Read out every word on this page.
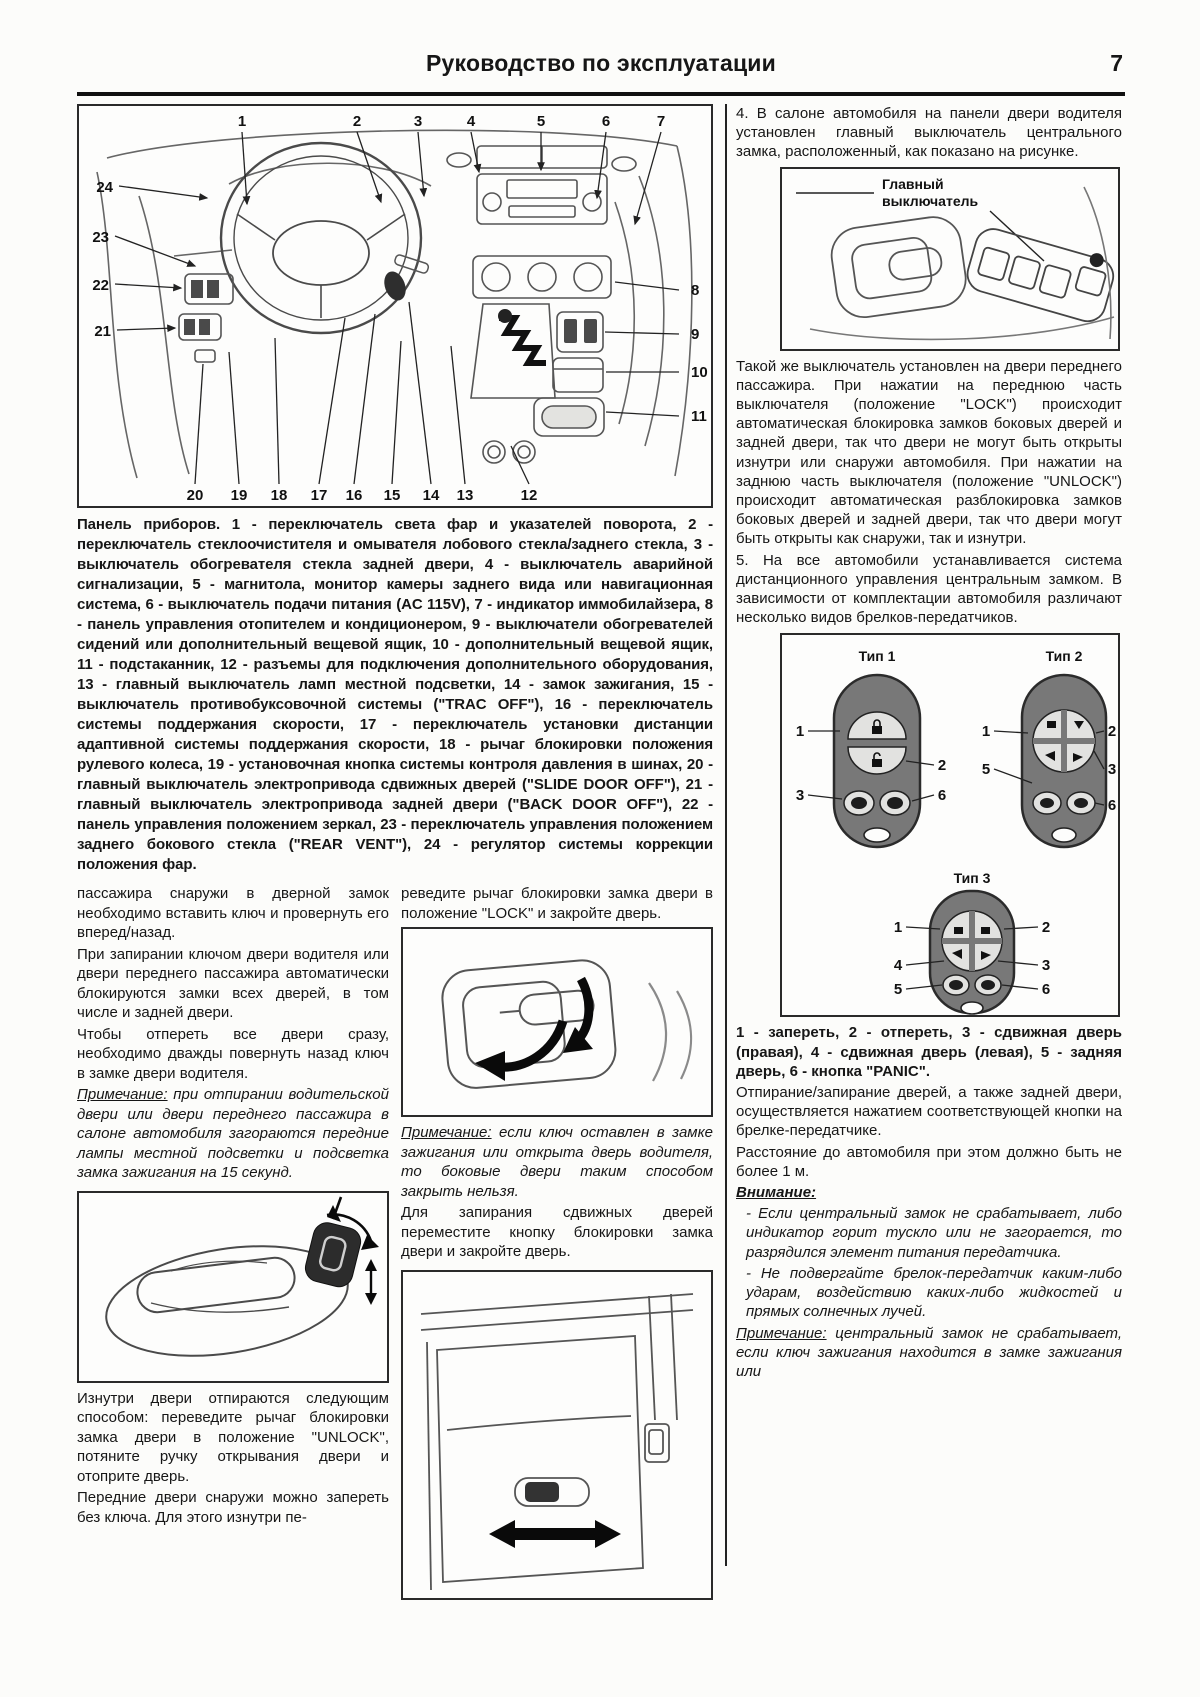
Руководство по эксплуатации	7
1	2	3	4	5	6	7
8
9
10
11
20 19 18 17 16 15 14 13	12
24
23
22
21

Панель приборов. 1 - переключатель света фар и указателей поворота, 2 - переключатель стеклоочистителя и омывателя лобового стекла/заднего стекла, 3 - выключатель обогревателя стекла задней двери, 4 - выключатель аварийной сигнализации, 5 - магнитола, монитор камеры заднего вида или навигационная система, 6 - выключатель подачи питания (AC 115V), 7 - индикатор иммобилайзера, 8 - панель управления отопителем и кондиционером, 9 - выключатели обогревателей сидений или дополнительный вещевой ящик, 10 - дополнительный вещевой ящик, 11 - подстаканник, 12 - разъемы для подключения дополнительного оборудования, 13 - главный выключатель ламп местной подсветки, 14 - замок зажигания, 15 - выключатель противобуксовочной системы ("TRAC OFF"), 16 - переключатель системы поддержания скорости, 17 - переключатель установки дистанции адаптивной системы поддержания скорости, 18 - рычаг блокировки положения рулевого колеса, 19 - установочная кнопка системы контроля давления в шинах, 20 - главный выключатель электропривода сдвижных дверей ("SLIDE DOOR OFF"), 21 - главный выключатель электропривода задней двери ("BACK DOOR OFF"), 22 - панель управления положением зеркал, 23 - переключатель управления положением заднего бокового стекла ("REAR VENT"), 24 - регулятор системы коррекции положения фар.

пассажира снаружи в дверной замок необходимо вставить ключ и провернуть его вперед/назад.

При запирании ключом двери водителя или двери переднего пассажира автоматически блокируются замки всех дверей, в том числе и задней двери.

Чтобы отпереть все двери сразу, необходимо дважды повернуть назад ключ в замке двери водителя.

Примечание: при отпирании водительской двери или двери переднего пассажира в салоне автомобиля загораются передние лампы местной подсветки и подсветка замка зажигания на 15 секунд.

Изнутри двери отпираются следующим способом: переведите рычаг блокировки замка двери в положение "UNLOCK", потяните ручку открывания двери и отоприте дверь.

Передние двери снаружи можно запереть без ключа. Для этого изнутри пе-

реведите рычаг блокировки замка двери в положение "LOCK" и закройте дверь.

Примечание: если ключ оставлен в замке зажигания или открыта дверь водителя, то боковые двери таким способом закрыть нельзя.

Для запирания сдвижных дверей переместите кнопку блокировки замка двери и закройте дверь.

4. В салоне автомобиля на панели двери водителя установлен главный выключатель центрального замка, расположенный, как показано на рисунке.

Главный
выключатель

Такой же выключатель установлен на двери переднего пассажира. При нажатии на переднюю часть выключателя (положение "LOCK") происходит автоматическая блокировка замков боковых дверей и задней двери, так что двери не могут быть открыты изнутри или снаружи автомобиля. При нажатии на заднюю часть выключателя (положение "UNLOCK") происходит автоматическая разблокировка замков боковых дверей и задней двери, так что двери могут быть открыты как снаружи, так и изнутри.

5. На все автомобили устанавливается система дистанционного управления центральным замком. В зависимости от комплектации автомобиля различают несколько видов брелков-передатчиков.

Тип 1	Тип 2
Тип 3
1
2
3	6
1
5
2
3
6
1	2
4	3
5	6

1 - запереть, 2 - отпереть, 3 - сдвижная дверь (правая), 4 - сдвижная дверь (левая), 5 - задняя дверь, 6 - кнопка "PANIC".

Отпирание/запирание дверей, а также задней двери, осуществляется нажатием соответствующей кнопки на брелке-передатчике.

Расстояние до автомобиля при этом должно быть не более 1 м.

Внимание:

- Если центральный замок не срабатывает, либо индикатор горит тускло или не загорается, то разрядился элемент питания передатчика.
- Не подвергайте брелок-передатчик каким-либо ударам, воздействию каких-либо жидкостей и прямых солнечных лучей.

Примечание: центральный замок не срабатывает, если ключ зажигания находится в замке зажигания или
